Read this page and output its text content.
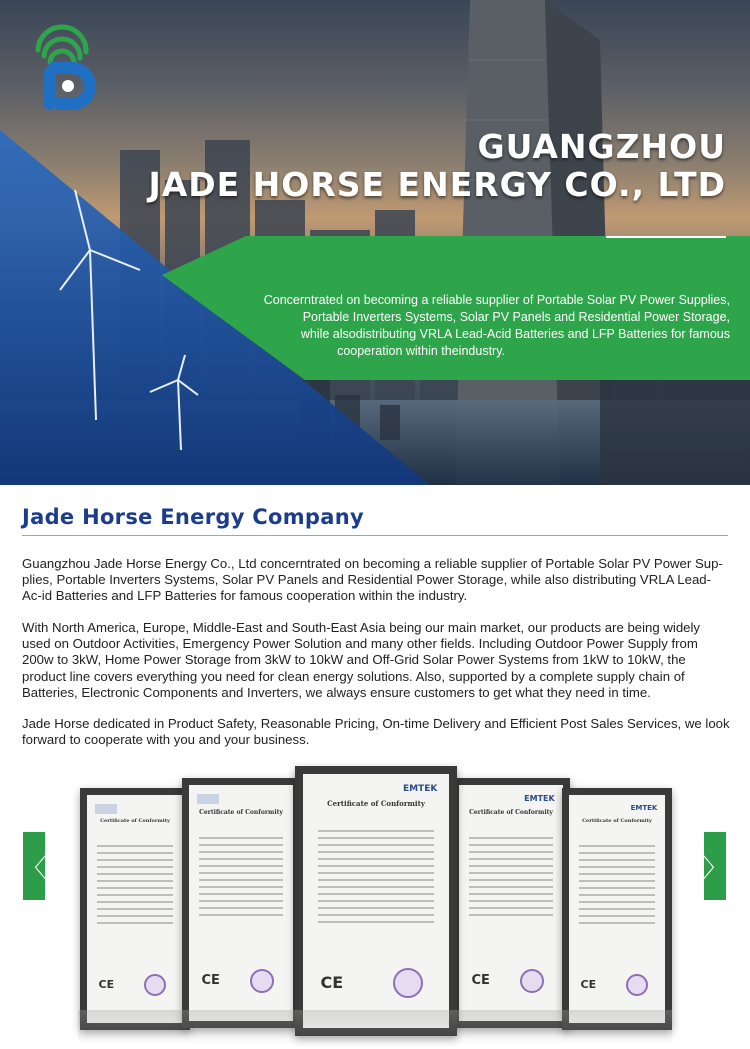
GUANGZHOU
JADE HORSE ENERGY CO., LTD
Concerntrated on becoming a reliable supplier of Portable Solar PV Power Supplies,
Portable Inverters Systems, Solar PV Panels and Residential Power Storage,
while alsodistributing VRLA Lead-Acid Batteries and LFP Batteries for famous
cooperation within theindustry.
Jade Horse Energy Company

Guangzhou Jade Horse Energy Co., Ltd concerntrated on becoming a reliable supplier of Portable Solar PV Power Sup-plies, Portable Inverters Systems, Solar PV Panels and Residential Power Storage, while also distributing VRLA Lead-Ac-id Batteries and LFP Batteries for famous cooperation within the industry.

With North America, Europe, Middle-East and South-East Asia being our main market, our products are being widely used on Outdoor Activities, Emergency Power Solution and many other fields. Including Outdoor Power Supply from 200w to 3kW, Home Power Storage from 3kW to 10kW and Off-Grid Solar Power Systems from 1kW to 10kW, the product line covers everything you need for clean energy solutions. Also, supported by a complete supply chain of Batteries, Electronic Components and Inverters, we always ensure customers to get what they need in time.

Jade Horse dedicated in Product Safety, Reasonable Pricing, On-time Delivery and Efficient Post Sales Services, we look forward to cooperate with you and your business.

Certificate of Conformity
CE
Certificate of Conformity
CE
EMTEK
Certificate of Conformity
CE
EMTEK
Certificate of Conformity
CE
EMTEK
Certificate of Conformity
CE
〈	〉
